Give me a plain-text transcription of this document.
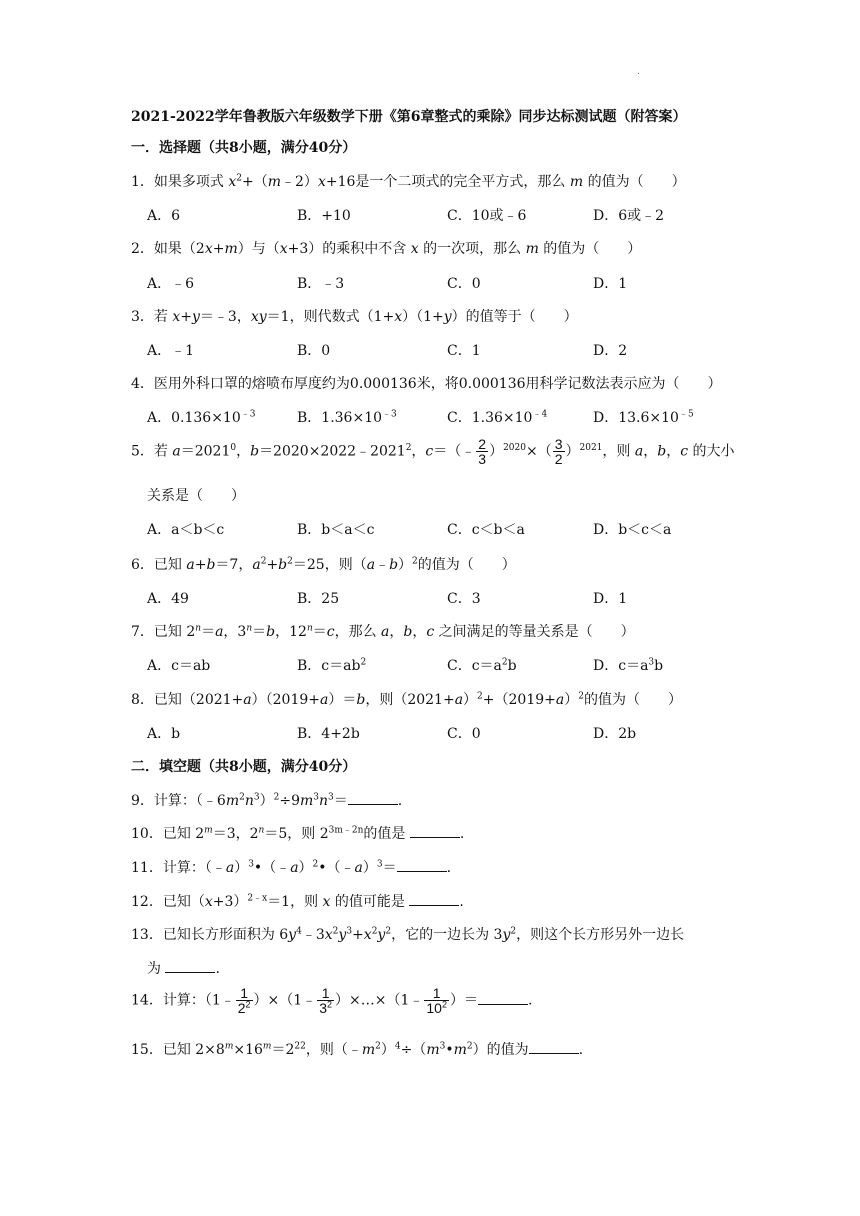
.
2021-2022学年鲁教版六年级数学下册《第6章整式的乘除》同步达标测试题（附答案）
一．选择题（共8小题，满分40分）
1．如果多项式 $x^2+(m﹣2)x+16$是一个二项式的完全平方式，那么 m 的值为（　　）
A．6	B．+10	C．10或﹣6	D．6或﹣2
2．如果（2x+m）与（x+3）的乘积中不含 x 的一次项，那么 m 的值为（　　）
A．﹣6	B．﹣3	C．0	D．1
3．若 x+y＝﹣3，xy＝1，则代数式（1+x）（1+y）的值等于（　　）
A．﹣1	B．0	C．1	D．2
4．医用外科口罩的熔喷布厚度约为0.000136米，将0.000136用科学记数法表示应为（　　）
A．$0.136\times 10^{﹣3}$	B．$1.36\times 10^{﹣3}$	C．$1.36\times 10^{﹣4}$	D．$13.6\times 10^{﹣5}$
5．若 $a=2021^0$，$b=2020\times 2022﹣2021^2$，c＝（﹣ $\frac{2}{3} )^{2020}\times( \frac{3}{2} )^{2021}$，则 a，b，c 的大小
关系是（　　）
A．a＜b＜c	B．b＜a＜c	C．c＜b＜a	D．b＜c＜a
6．已知 a+b＝7，$a^2+b^2=25$，则（a﹣b）$^2$的值为（　　）
A．49	B．25	C．3	D．1
7．已知 $2^n=a$，$3^n=b$，$12^n=c$，那么 a，b，c 之间满足的等量关系是（　　）
A．c＝ab	B．$c=ab^2$	C．$c=a^2b$	D．$c=a^3b$
8．已知（2021+a）（2019+a）＝b，则$(2021+a)^2+(2019+a)^2$的值为（　　）
A．b	B．4+2b	C．0	D．2b
二．填空题（共8小题，满分40分）
9．计算：$(﹣6m^2n^3)^2\div 9m^3n^3=$	.
10．已知 $2^m=3$，$2^n=5$，则 $2^{3m﹣2n}$的值是	.
11．计算：（﹣a）$^3$•（﹣a）$^2$•（﹣a）$^3$＝	.
12．已知$(x+3)^{2﹣x}=1$，则 x 的值可能是	.
13．已知长方形面积为 $6y^4﹣3x^2y^3+x^2y^2$，它的一边长为 $3y^2$，则这个长方形另外一边长
为	.
14．计算：（1﹣ $\frac{1}{2^2}$ ）×（1﹣ $\frac{1}{3^2}$ ）×…×（1﹣ $\frac{1}{10^2}$ ）＝	.
15．已知 $2\times 8^m\times 16^m=2^{22}$，则$(﹣m^2)^4\div(m^3•m^2)$的值为	.
